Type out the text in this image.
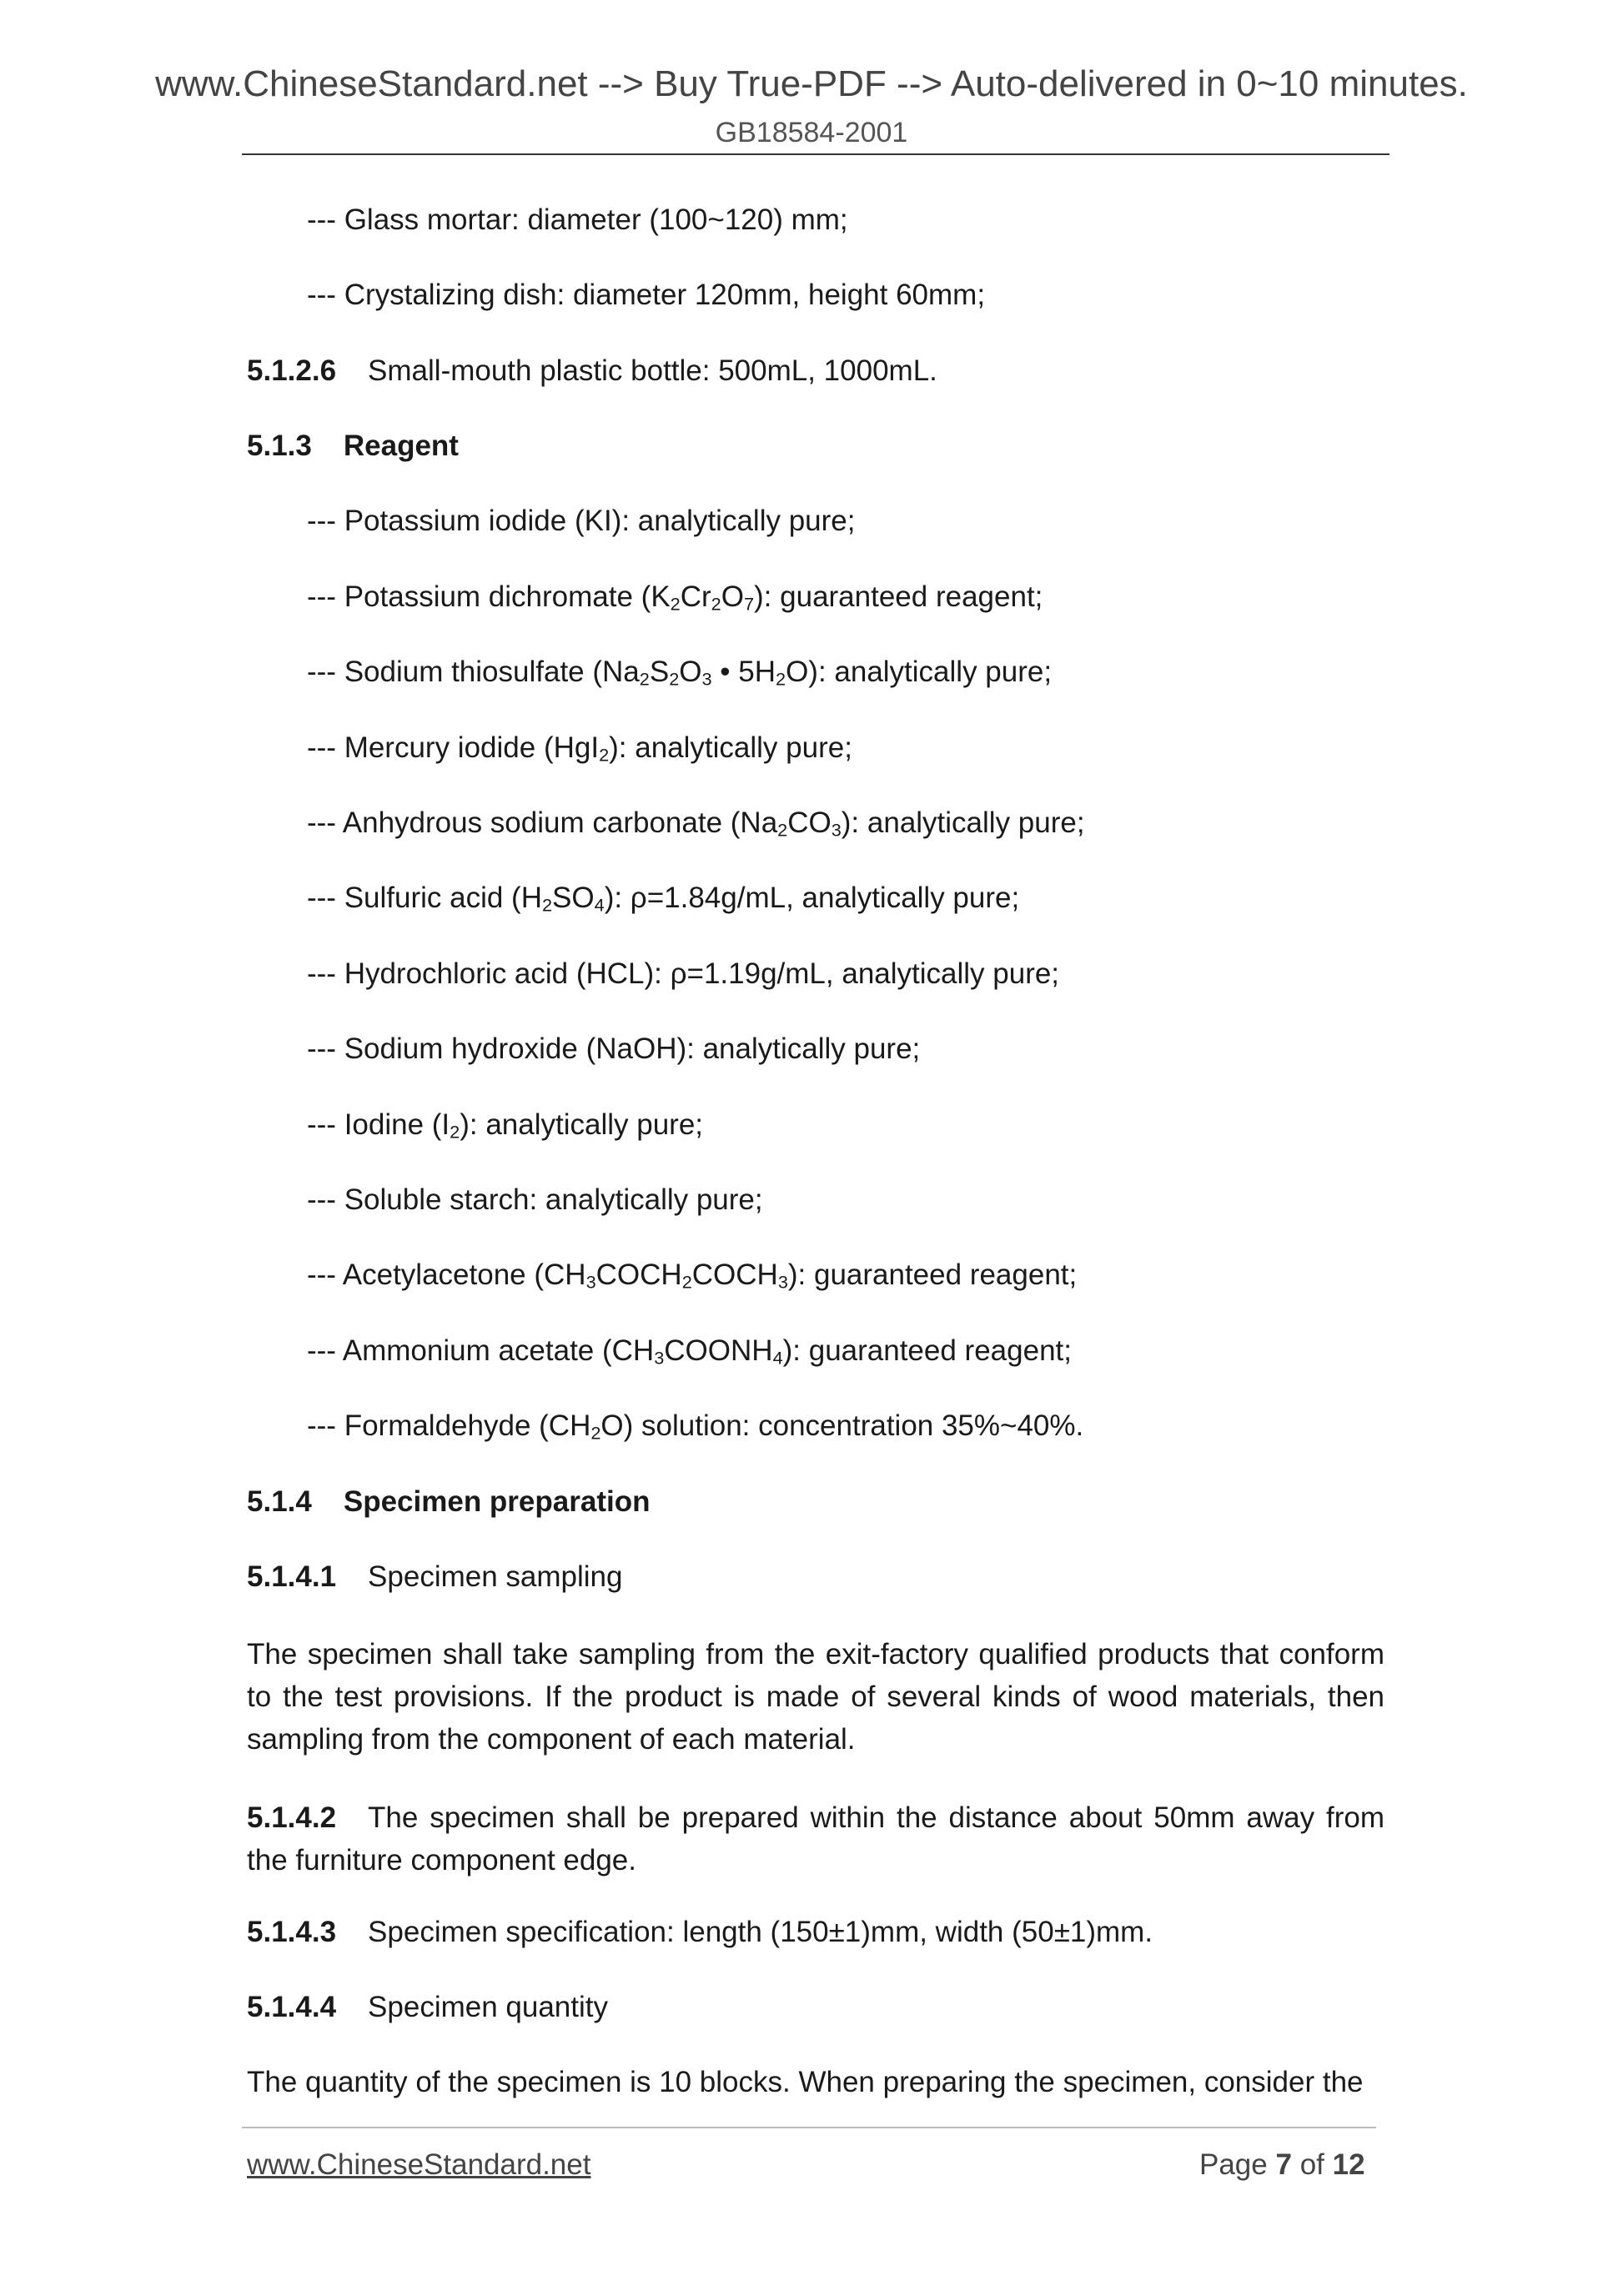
www.ChineseStandard.net --> Buy True-PDF --> Auto-delivered in 0~10 minutes.
GB18584-2001
--- Glass mortar: diameter (100~120) mm;
--- Crystalizing dish: diameter 120mm, height 60mm;
5.1.2.6 Small-mouth plastic bottle: 500mL, 1000mL.
5.1.3 Reagent
--- Potassium iodide (KI): analytically pure;
--- Potassium dichromate $(K_2Cr_2O_7)$: guaranteed reagent;
--- Sodium thiosulfate ($Na_2S_2O_3$ • $5H_2O$): analytically pure;
--- Mercury iodide (HgI$_2$): analytically pure;
--- Anhydrous sodium carbonate $(Na_2CO_3)$: analytically pure;
--- Sulfuric acid $(H_2SO_4)$: ρ=1.84g/mL, analytically pure;
--- Hydrochloric acid (HCL): ρ=1.19g/mL, analytically pure;
--- Sodium hydroxide (NaOH): analytically pure;
--- Iodine $(I_2)$: analytically pure;
--- Soluble starch: analytically pure;
--- Acetylacetone $(CH_3COCH_2COCH_3)$: guaranteed reagent;
--- Ammonium acetate $(CH_3COONH_4)$: guaranteed reagent;
--- Formaldehyde $(CH_2O)$ solution: concentration 35%~40%.
5.1.4 Specimen preparation
5.1.4.1 Specimen sampling
The specimen shall take sampling from the exit-factory qualified products that conform to the test provisions. If the product is made of several kinds of wood materials, then sampling from the component of each material.
5.1.4.2 The specimen shall be prepared within the distance about 50mm away from the furniture component edge.
5.1.4.3 Specimen specification: length (150±1)mm, width (50±1)mm.
5.1.4.4 Specimen quantity
The quantity of the specimen is 10 blocks. When preparing the specimen, consider the
www.ChineseStandard.net	Page 7 of 12
